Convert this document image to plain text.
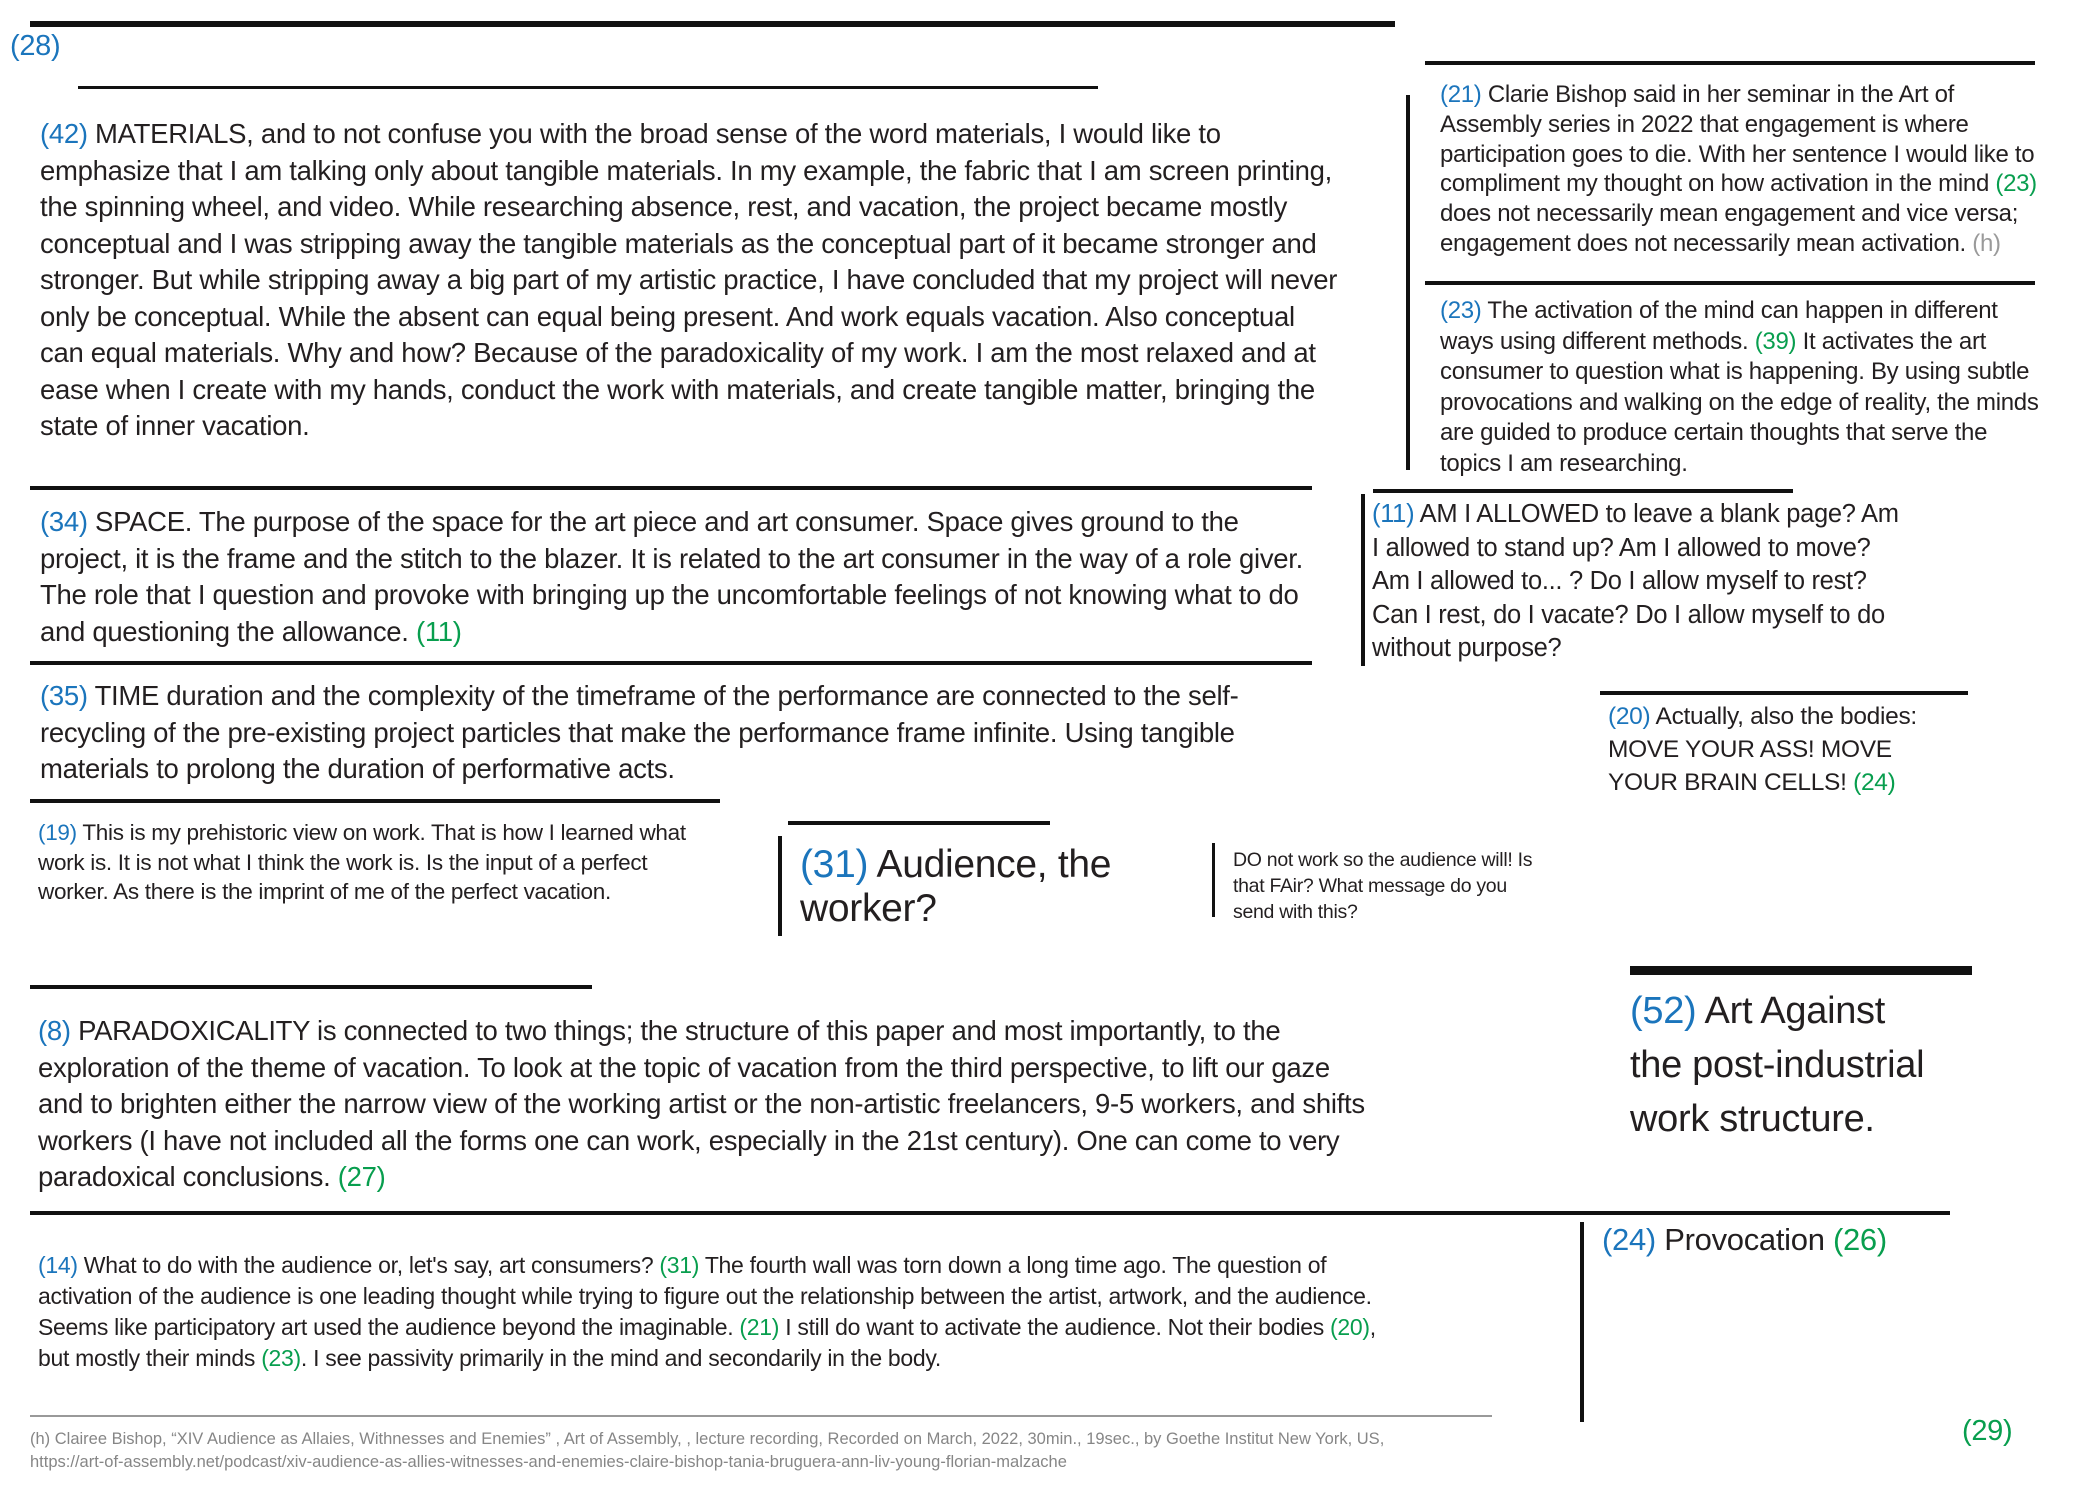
(28)
(29)
(42) MATERIALS, and to not confuse you with the broad sense of the word materials, I would like to emphasize that I am talking only about tangible materials. In my example, the fabric that I am screen printing, the spinning wheel, and video. While researching absence, rest, and vacation, the project became mostly conceptual and I was stripping away the tangible materials as the conceptual part of it became stronger and stronger. But while stripping away a big part of my artistic practice, I have concluded that my project will never only be conceptual. While the absent can equal being present. And work equals vacation. Also conceptual can equal materials. Why and how? Because of the paradoxicality of my work. I am the most relaxed and at ease when I create with my hands, conduct the work with materials, and create tangible matter, bringing the state of inner vacation.
(34) SPACE. The purpose of the space for the art piece and art consumer. Space gives ground to the project, it is the frame and the stitch to the blazer. It is related to the art consumer in the way of a role giver. The role that I question and provoke with bringing up the uncomfortable feelings of not knowing what to do and questioning the allowance. (11)
(35) TIME duration and the complexity of the timeframe of the performance are connected to the self-recycling of the pre-existing project particles that make the performance frame infinite. Using tangible materials to prolong the duration of performative acts.
(19) This is my prehistoric view on work. That is how I learned what work is. It is not what I think the work is. Is the input of a perfect worker. As there is the imprint of me of the perfect vacation.
(31) Audience, the worker?
DO not work so the audience will! Is that FAir? What message do you send with this?
(8) PARADOXICALITY is connected to two things; the structure of this paper and most importantly, to the exploration of the theme of vacation. To look at the topic of vacation from the third perspective, to lift our gaze and to brighten either the narrow view of the working artist or the non-artistic freelancers, 9-5 workers, and shifts workers (I have not included all the forms one can work, especially in the 21st century). One can come to very paradoxical conclusions. (27)
(14) What to do with the audience or, let's say, art consumers? (31) The fourth wall was torn down a long time ago. The question of activation of the audience is one leading thought while trying to figure out the relationship between the artist, artwork, and the audience. Seems like participatory art used the audience beyond the imaginable. (21) I still do want to activate the audience. Not their bodies (20), but mostly their minds (23). I see passivity primarily in the mind and secondarily in the body.
(21) Clarie Bishop said in her seminar in the Art of Assembly series in 2022 that engagement is where participation goes to die. With her sentence I would like to compliment my thought on how activation in the mind (23) does not necessarily mean engagement and vice versa; engagement does not necessarily mean activation. (h)
(23) The activation of the mind can happen in different ways using different methods. (39) It activates the art consumer to question what is happening. By using subtle provocations and walking on the edge of reality, the minds are guided to produce certain thoughts that serve the topics I am researching.
(11) AM I ALLOWED to leave a blank page? Am I allowed to stand up? Am I allowed to move? Am I allowed to... ? Do I allow myself to rest? Can I rest, do I vacate? Do I allow myself to do without purpose?
(20) Actually, also the bodies:
MOVE YOUR ASS! MOVE
YOUR BRAIN CELLS! (24)
(52) Art Against
the post-industrial
work structure.
(24) Provocation (26)
(h) Clairee Bishop, “XIV Audience as Allaies, Withnesses and Enemies” , Art of Assembly, , lecture recording, Recorded on March, 2022, 30min., 19sec., by Goethe Institut New York, US,
https://art-of-assembly.net/podcast/xiv-audience-as-allies-witnesses-and-enemies-claire-bishop-tania-bruguera-ann-liv-young-florian-malzache
